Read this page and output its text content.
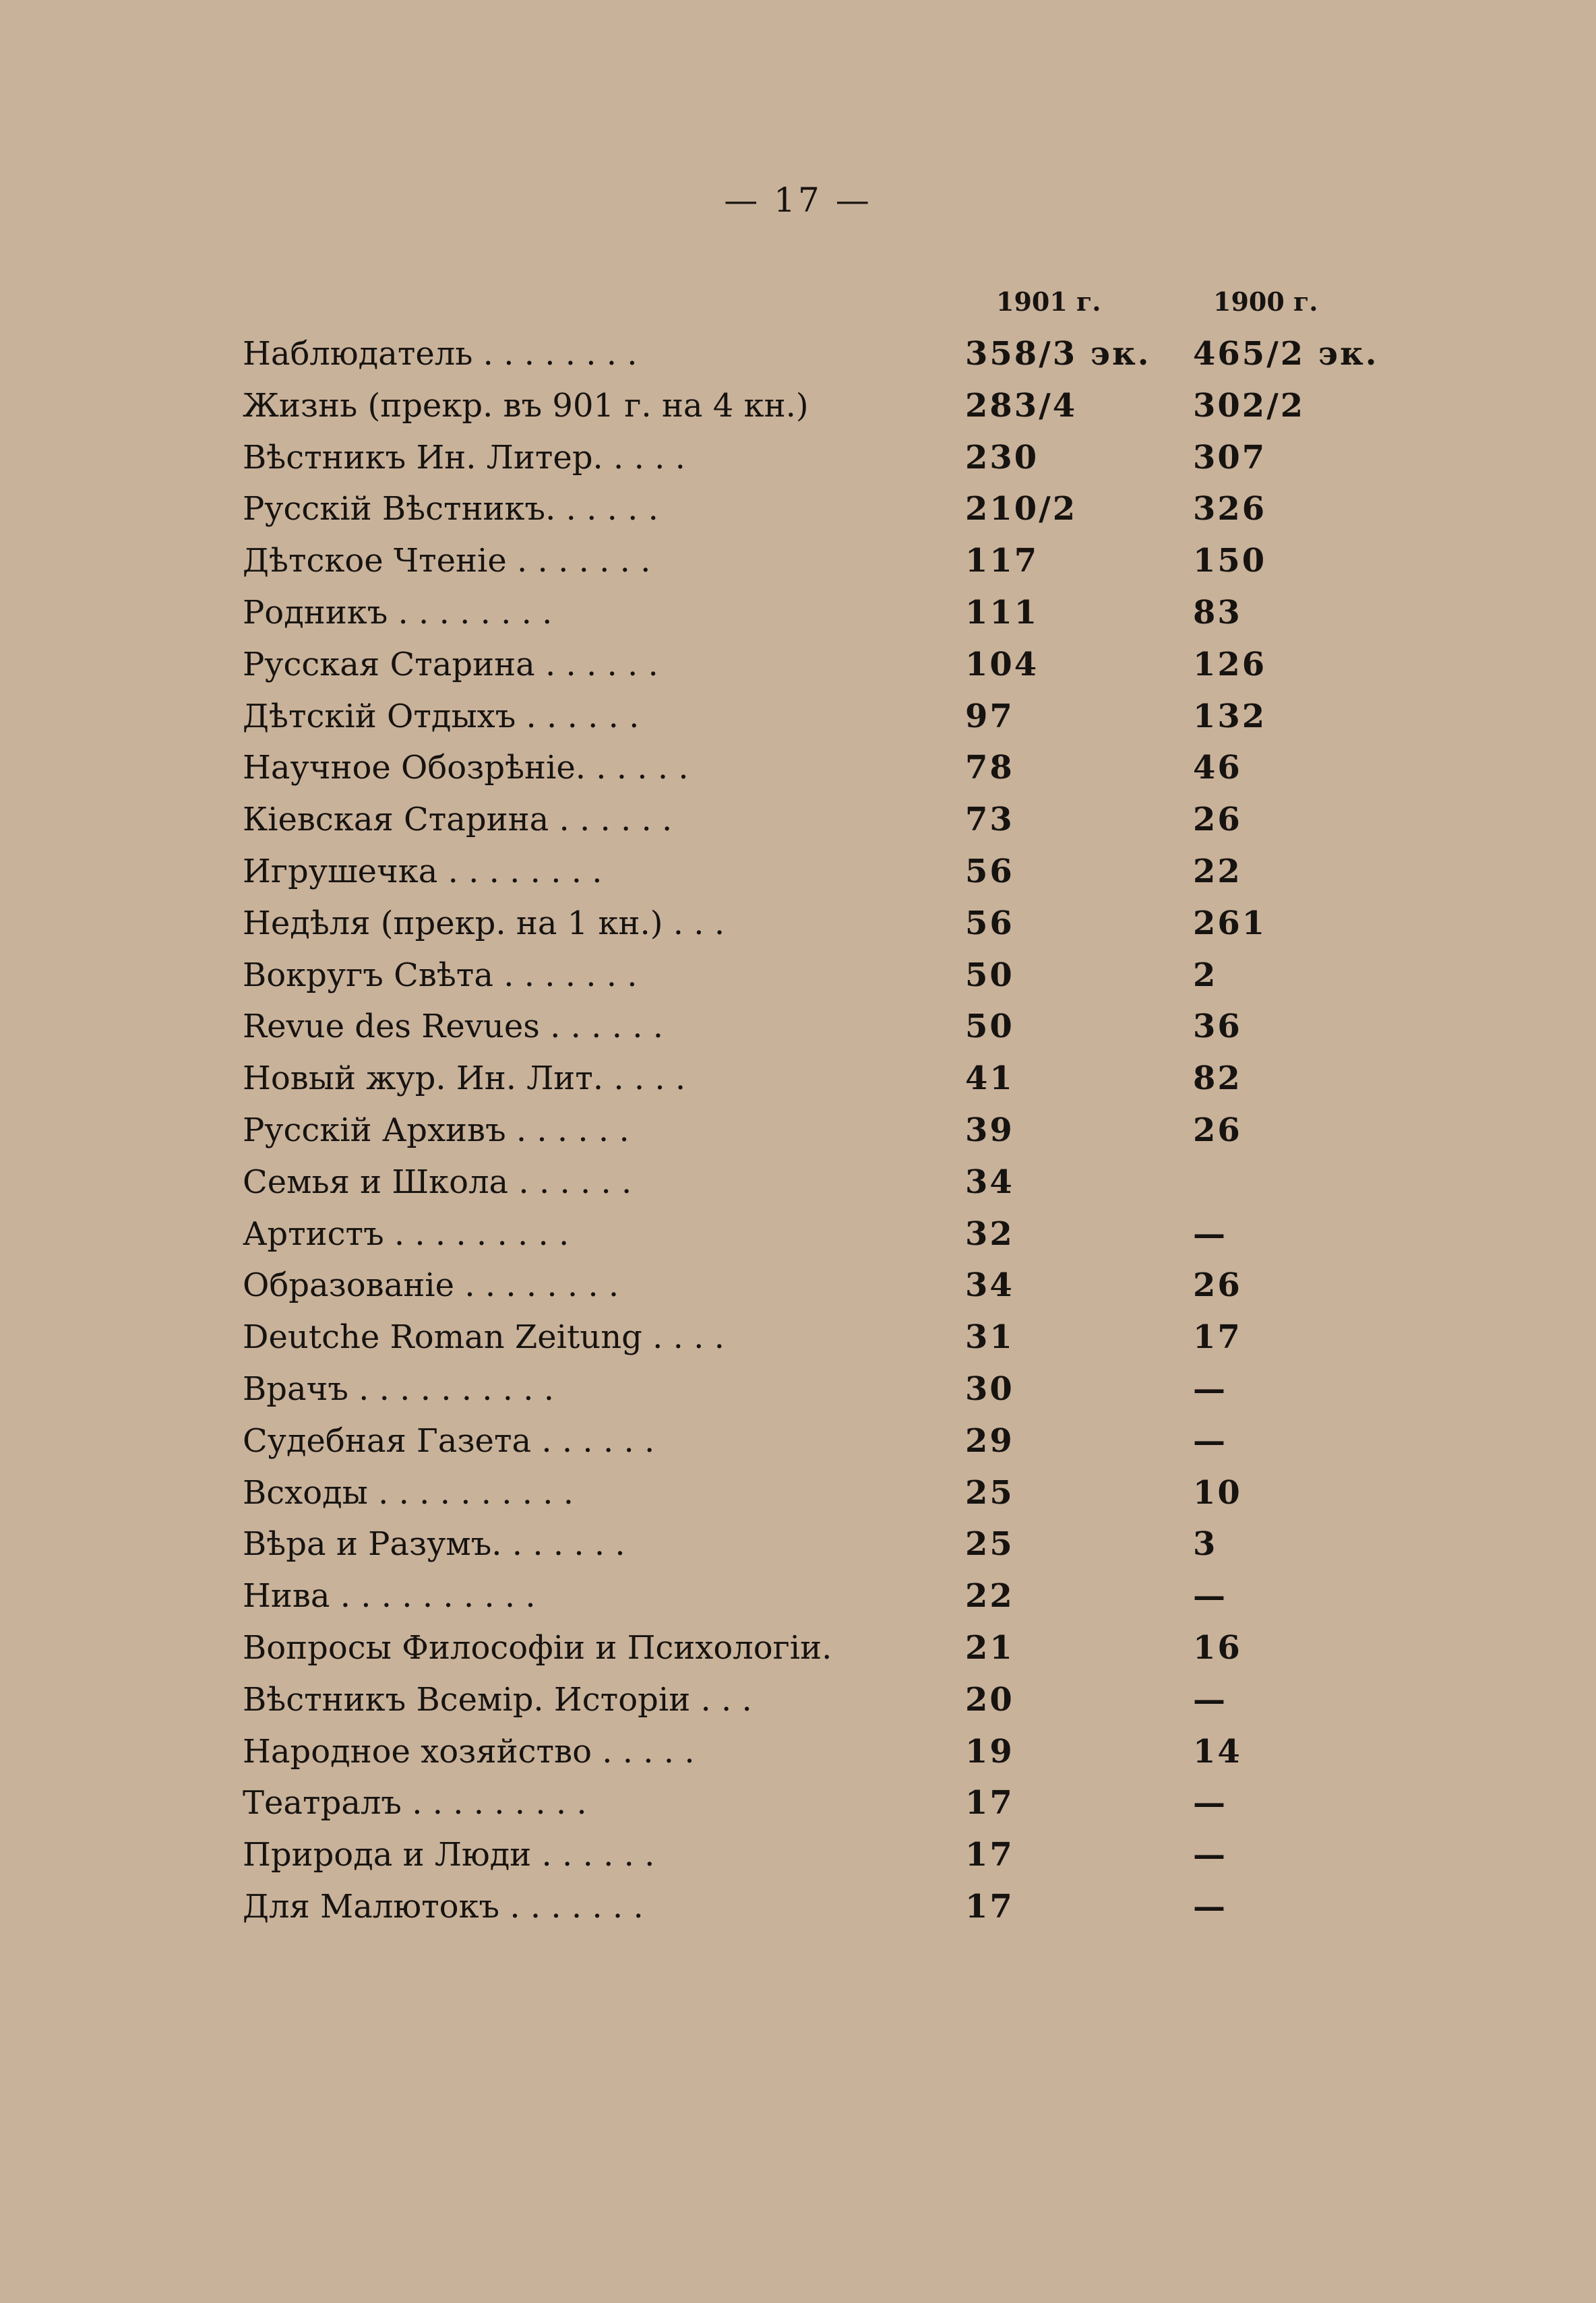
— 17 —
1901 г.	1900 г.
Наблюдатель . . . . . . . .	358/3 эк.	465/2 эк.
Жизнь (прекр. въ 901 г. на 4 кн.)	283/4	302/2
Вѣстникъ Ин. Литер. . . . .	230	307
Русскій Вѣстникъ. . . . . .	210/2	326
Дѣтское Чтеніе . . . . . . .	117	150
Родникъ . . . . . . . .	111	83
Русская Старина . . . . . .	104	126
Дѣтскій Отдыхъ . . . . . .	97	132
Научное Обозрѣніе. . . . . .	78	46
Кіевская Старина . . . . . .	73	26
Игрушечка . . . . . . . .	56	22
Недѣля (прекр. на 1 кн.) . . .	56	261
Вокругъ Свѣта . . . . . . .	50	2
Revue des Revues . . . . . .	50	36
Новый жур. Ин. Лит. . . . .	41	82
Русскій Архивъ . . . . . .	39	26
Семья и Школа . . . . . .	34
Артистъ . . . . . . . . .	32	—
Образованіе . . . . . . . .	34	26
Deutche Roman Zeitung . . . .	31	17
Врачъ . . . . . . . . . .	30	—
Судебная Газета . . . . . .	29	—
Всходы . . . . . . . . . .	25	10
Вѣра и Разумъ. . . . . . .	25	3
Нива . . . . . . . . . .	22	—
Вопросы Философіи и Психологіи.	21	16
Вѣстникъ Всемір. Исторіи . . .	20	—
Народное хозяйство . . . . .	19	14
Театралъ . . . . . . . . .	17	—
Природа и Люди . . . . . .	17	—
Для Малютокъ . . . . . . .	17	—
